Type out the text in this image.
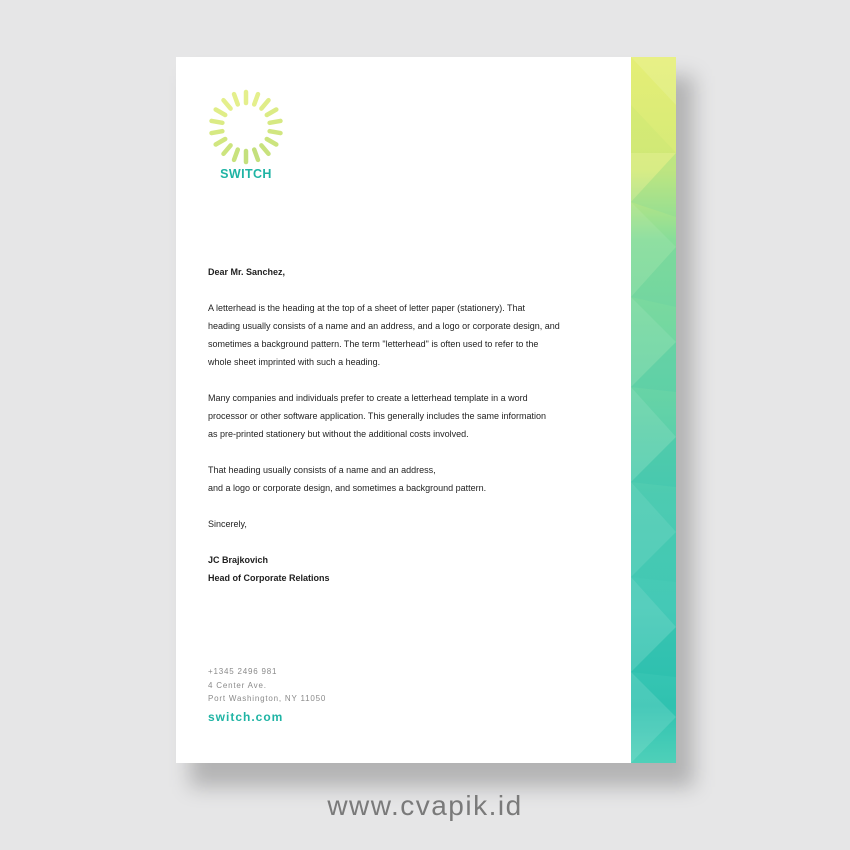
SWITCH
Dear Mr. Sanchez,
A letterhead is the heading at the top of a sheet of letter paper (stationery). That
heading usually consists of a name and an address, and a logo or corporate design, and
sometimes a background pattern. The term "letterhead" is often used to refer to the
whole sheet imprinted with such a heading.
Many companies and individuals prefer to create a letterhead template in a word
processor or other software application. This generally includes the same information
as pre-printed stationery but without the additional costs involved.
That heading usually consists of a name and an address,
and a logo or corporate design, and sometimes a background pattern.
Sincerely,
JC Brajkovich
Head of Corporate Relations
+1345 2496 981
4 Center Ave.
Port Washington, NY 11050
switch.com
www.cvapik.id
